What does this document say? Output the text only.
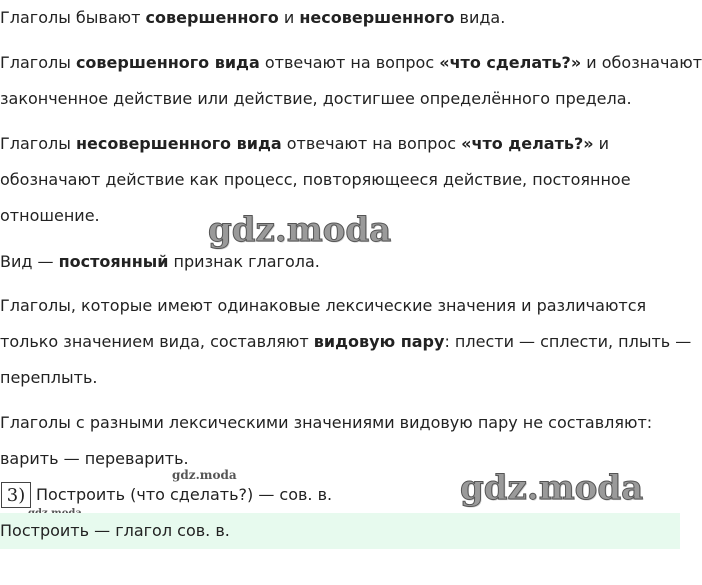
Глаголы бывают совершенного и несовершенного вида.
Глаголы совершенного вида отвечают на вопрос «что сделать?» и обозначают
законченное действие или действие, достигшее определённого предела.
Глаголы несовершенного вида отвечают на вопрос «что делать?» и
обозначают действие как процесс, повторяющееся действие, постоянное
отношение.
Вид — постоянный признак глагола.
Глаголы, которые имеют одинаковые лексические значения и различаются
только значением вида, составляют видовую пару: плести — сплести, плыть —
переплыть.
Глаголы с разными лексическими значениями видовую пару не составляют:
варить — переварить.
gdz.moda
gdz.moda	gdz.moda
3) Построить (что сделать?) — сов. в.
Построить — глагол сов. в.
